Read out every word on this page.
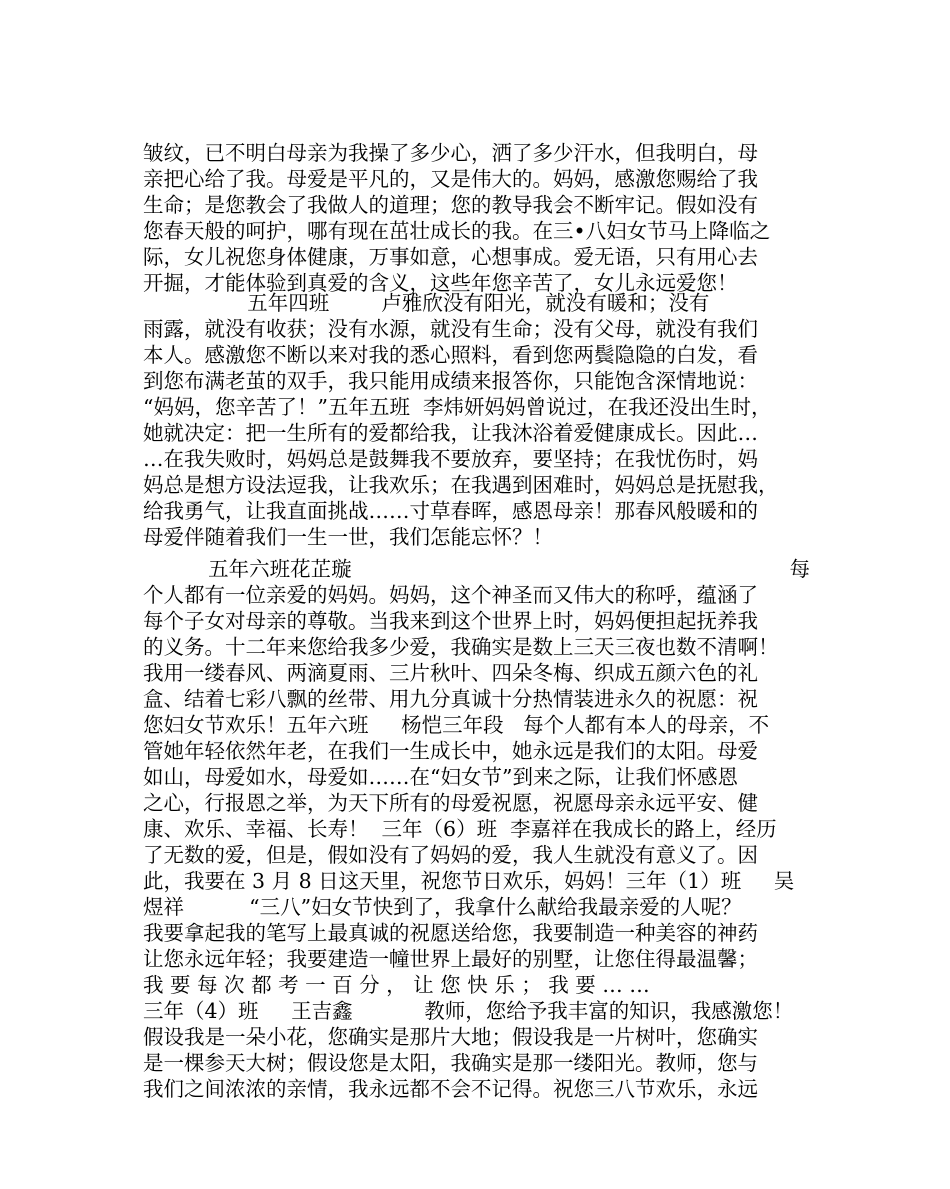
皱纹，已不明白母亲为我操了多少心，洒了多少汗水，但我明白，母
亲把心给了我。母爱是平凡的，又是伟大的。妈妈，感激您赐给了我
生命；是您教会了我做人的道理；您的教导我会不断牢记。假如没有
您春天般的呵护，哪有现在茁壮成长的我。在三•八妇女节马上降临之
际，女儿祝您身体健康，万事如意，心想事成。爱无语，只有用心去
开掘，才能体验到真爱的含义，这些年您辛苦了，女儿永远爱您！
五年四班        卢雅欣没有阳光，就没有暖和；没有
雨露，就没有收获；没有水源，就没有生命；没有父母，就没有我们
本人。感激您不断以来对我的悉心照料，看到您两鬓隐隐的白发，看
到您布满老茧的双手，我只能用成绩来报答你，只能饱含深情地说：
“妈妈，您辛苦了！”五年五班  李炜妍妈妈曾说过，在我还没出生时，
她就决定：把一生所有的爱都给我，让我沐浴着爱健康成长。因此…
…在我失败时，妈妈总是鼓舞我不要放弃，要坚持；在我忧伤时，妈
妈总是想方设法逗我，让我欢乐；在我遇到困难时，妈妈总是抚慰我，
给我勇气，让我直面挑战……寸草春晖，感恩母亲！那春风般暖和的
母爱伴随着我们一生一世，我们怎能忘怀？！
五年六班花芷璇	每
个人都有一位亲爱的妈妈。妈妈，这个神圣而又伟大的称呼，蕴涵了
每个子女对母亲的尊敬。当我来到这个世界上时，妈妈便担起抚养我
的义务。十二年来您给我多少爱，我确实是数上三天三夜也数不清啊！
我用一缕春风、两滴夏雨、三片秋叶、四朵冬梅、织成五颜六色的礼
盒、结着七彩八飘的丝带、用九分真诚十分热情装进永久的祝愿：祝
您妇女节欢乐！五年六班     杨恺三年段   每个人都有本人的母亲，不
管她年轻依然年老，在我们一生成长中，她永远是我们的太阳。母爱
如山，母爱如水，母爱如……在“妇女节”到来之际，让我们怀感恩
之心，行报恩之举，为天下所有的母爱祝愿，祝愿母亲永远平安、健
康、欢乐、幸福、长寿！  三年（6）班  李嘉祥在我成长的路上，经历
了无数的爱，但是，假如没有了妈妈的爱，我人生就没有意义了。因
此，我要在 3 月 8 日这天里，祝您节日欢乐，妈妈！三年（1）班     吴
煜祥          “三八”妇女节快到了，我拿什么献给我最亲爱的人呢？
我要拿起我的笔写上最真诚的祝愿送给您，我要制造一种美容的神药
让您永远年轻；我要建造一幢世界上最好的别墅，让您住得最温馨；
我 要 每 次 都 考 一 百 分 ， 让 您 快 乐 ； 我 要 … …
三年（4）班     王吉鑫           教师，您给予我丰富的知识，我感激您！
假设我是一朵小花，您确实是那片大地；假设我是一片树叶，您确实
是一棵参天大树；假设您是太阳，我确实是那一缕阳光。教师，您与
我们之间浓浓的亲情，我永远都不会不记得。祝您三八节欢乐，永远
